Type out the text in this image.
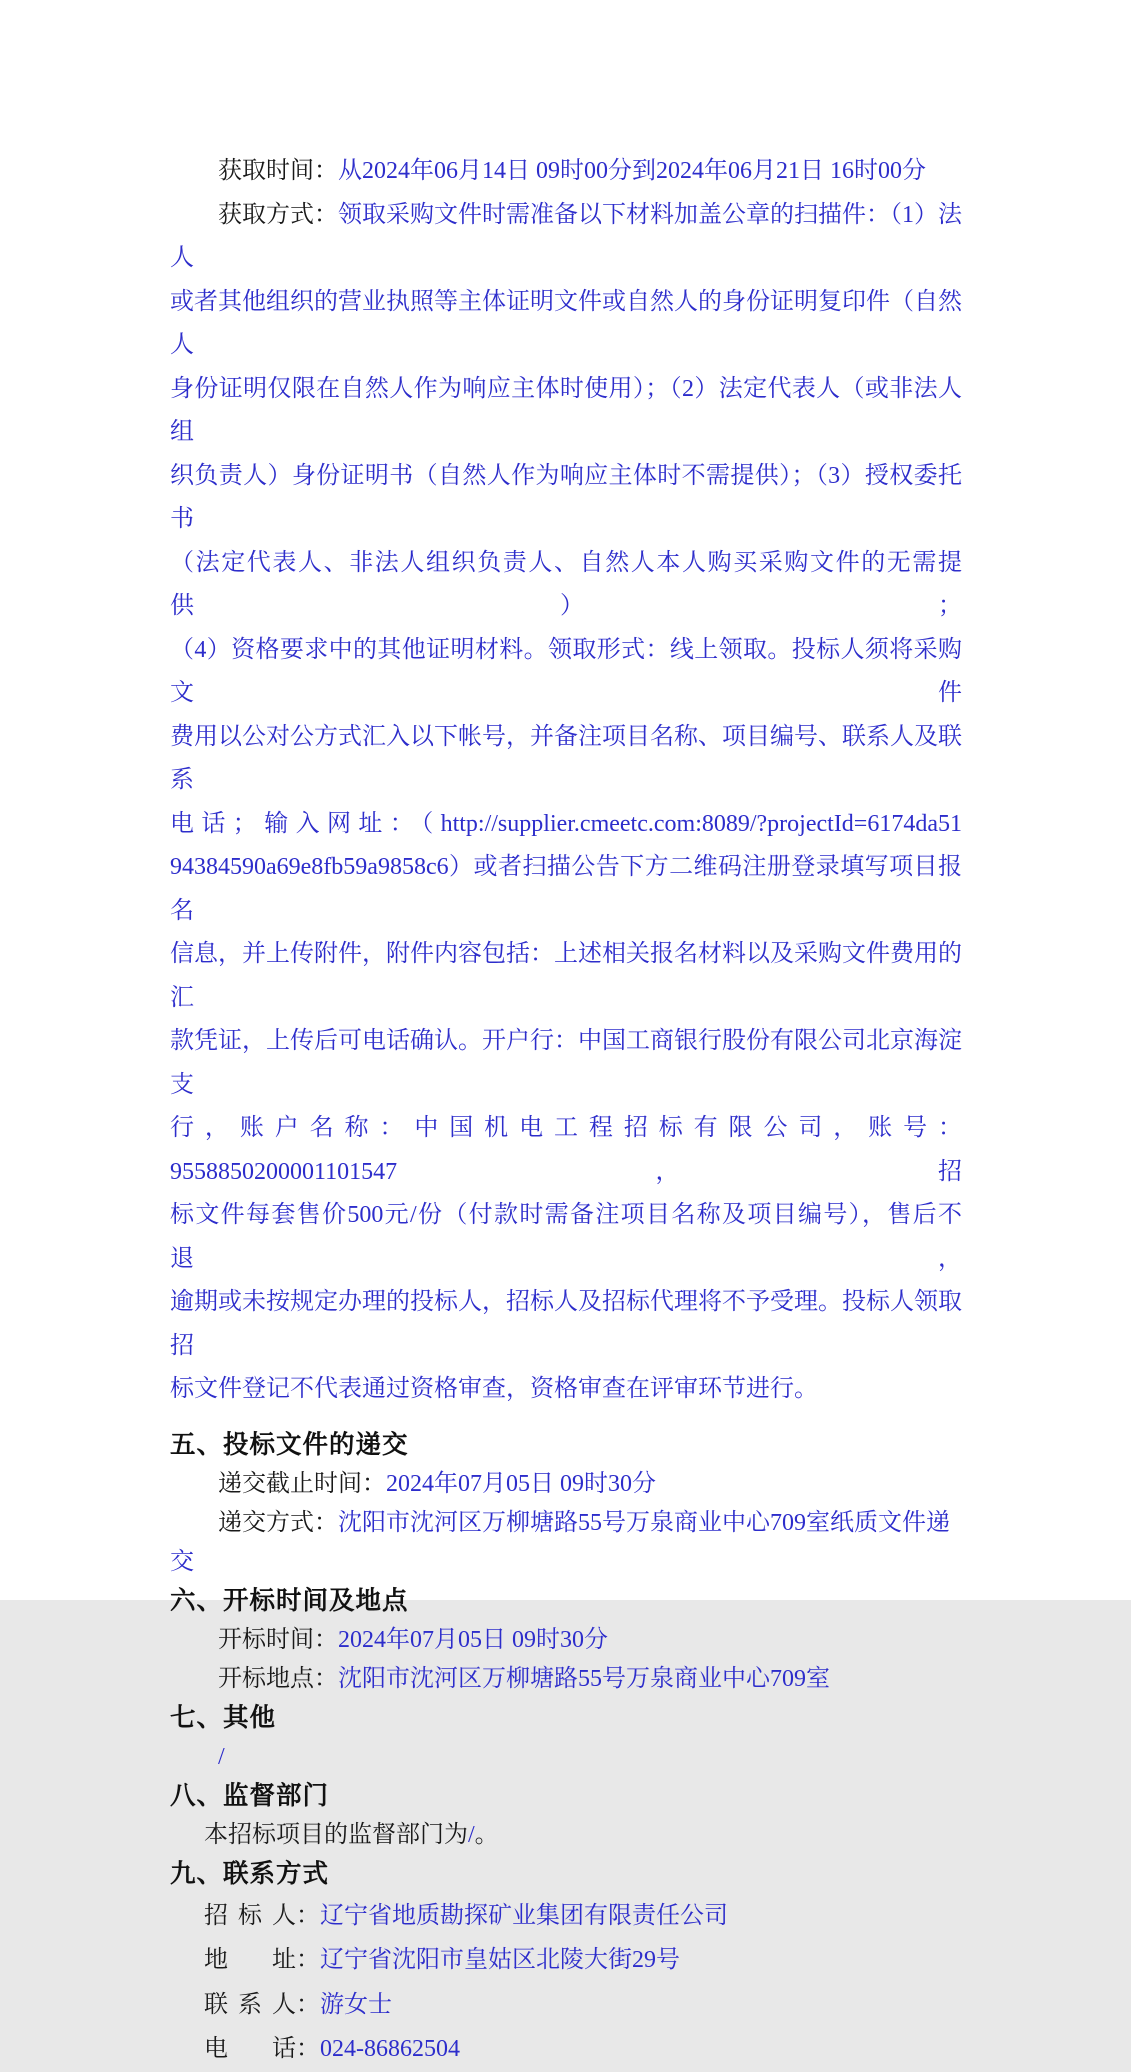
获取时间：从2024年06月14日 09时00分到2024年06月21日 16时00分
获取方式：领取采购文件时需准备以下材料加盖公章的扫描件：（1）法人
或者其他组织的营业执照等主体证明文件或自然人的身份证明复印件（自然人
身份证明仅限在自然人作为响应主体时使用）；（2）法定代表人（或非法人组
织负责人）身份证明书（自然人作为响应主体时不需提供）；（3）授权委托书
（法定代表人、非法人组织负责人、自然人本人购买采购文件的无需提供）；
（4）资格要求中的其他证明材料。领取形式：线上领取。投标人须将采购文件
费用以公对公方式汇入以下帐号，并备注项目名称、项目编号、联系人及联系
电话；输入网址：（http://supplier.cmeetc.com:8089/?projectId=6174da51
94384590a69e8fb59a9858c6）或者扫描公告下方二维码注册登录填写项目报名
信息，并上传附件，附件内容包括：上述相关报名材料以及采购文件费用的汇
款凭证，上传后可电话确认。开户行：中国工商银行股份有限公司北京海淀支
行，账户名称：中国机电工程招标有限公司，账号：9558850200001101547，招
标文件每套售价500元/份（付款时需备注项目名称及项目编号），售后不退，
逾期或未按规定办理的投标人，招标人及招标代理将不予受理。投标人领取招
标文件登记不代表通过资格审查，资格审查在评审环节进行。
五、投标文件的递交
递交截止时间：2024年07月05日 09时30分
递交方式：沈阳市沈河区万柳塘路55号万泉商业中心709室纸质文件递交
六、开标时间及地点
开标时间：2024年07月05日 09时30分
开标地点：沈阳市沈河区万柳塘路55号万泉商业中心709室
七、其他
/
八、监督部门
本招标项目的监督部门为/。
九、联系方式
招标人：辽宁省地质勘探矿业集团有限责任公司
地址：辽宁省沈阳市皇姑区北陵大街29号
联系人：游女士
电话：024-86862504
